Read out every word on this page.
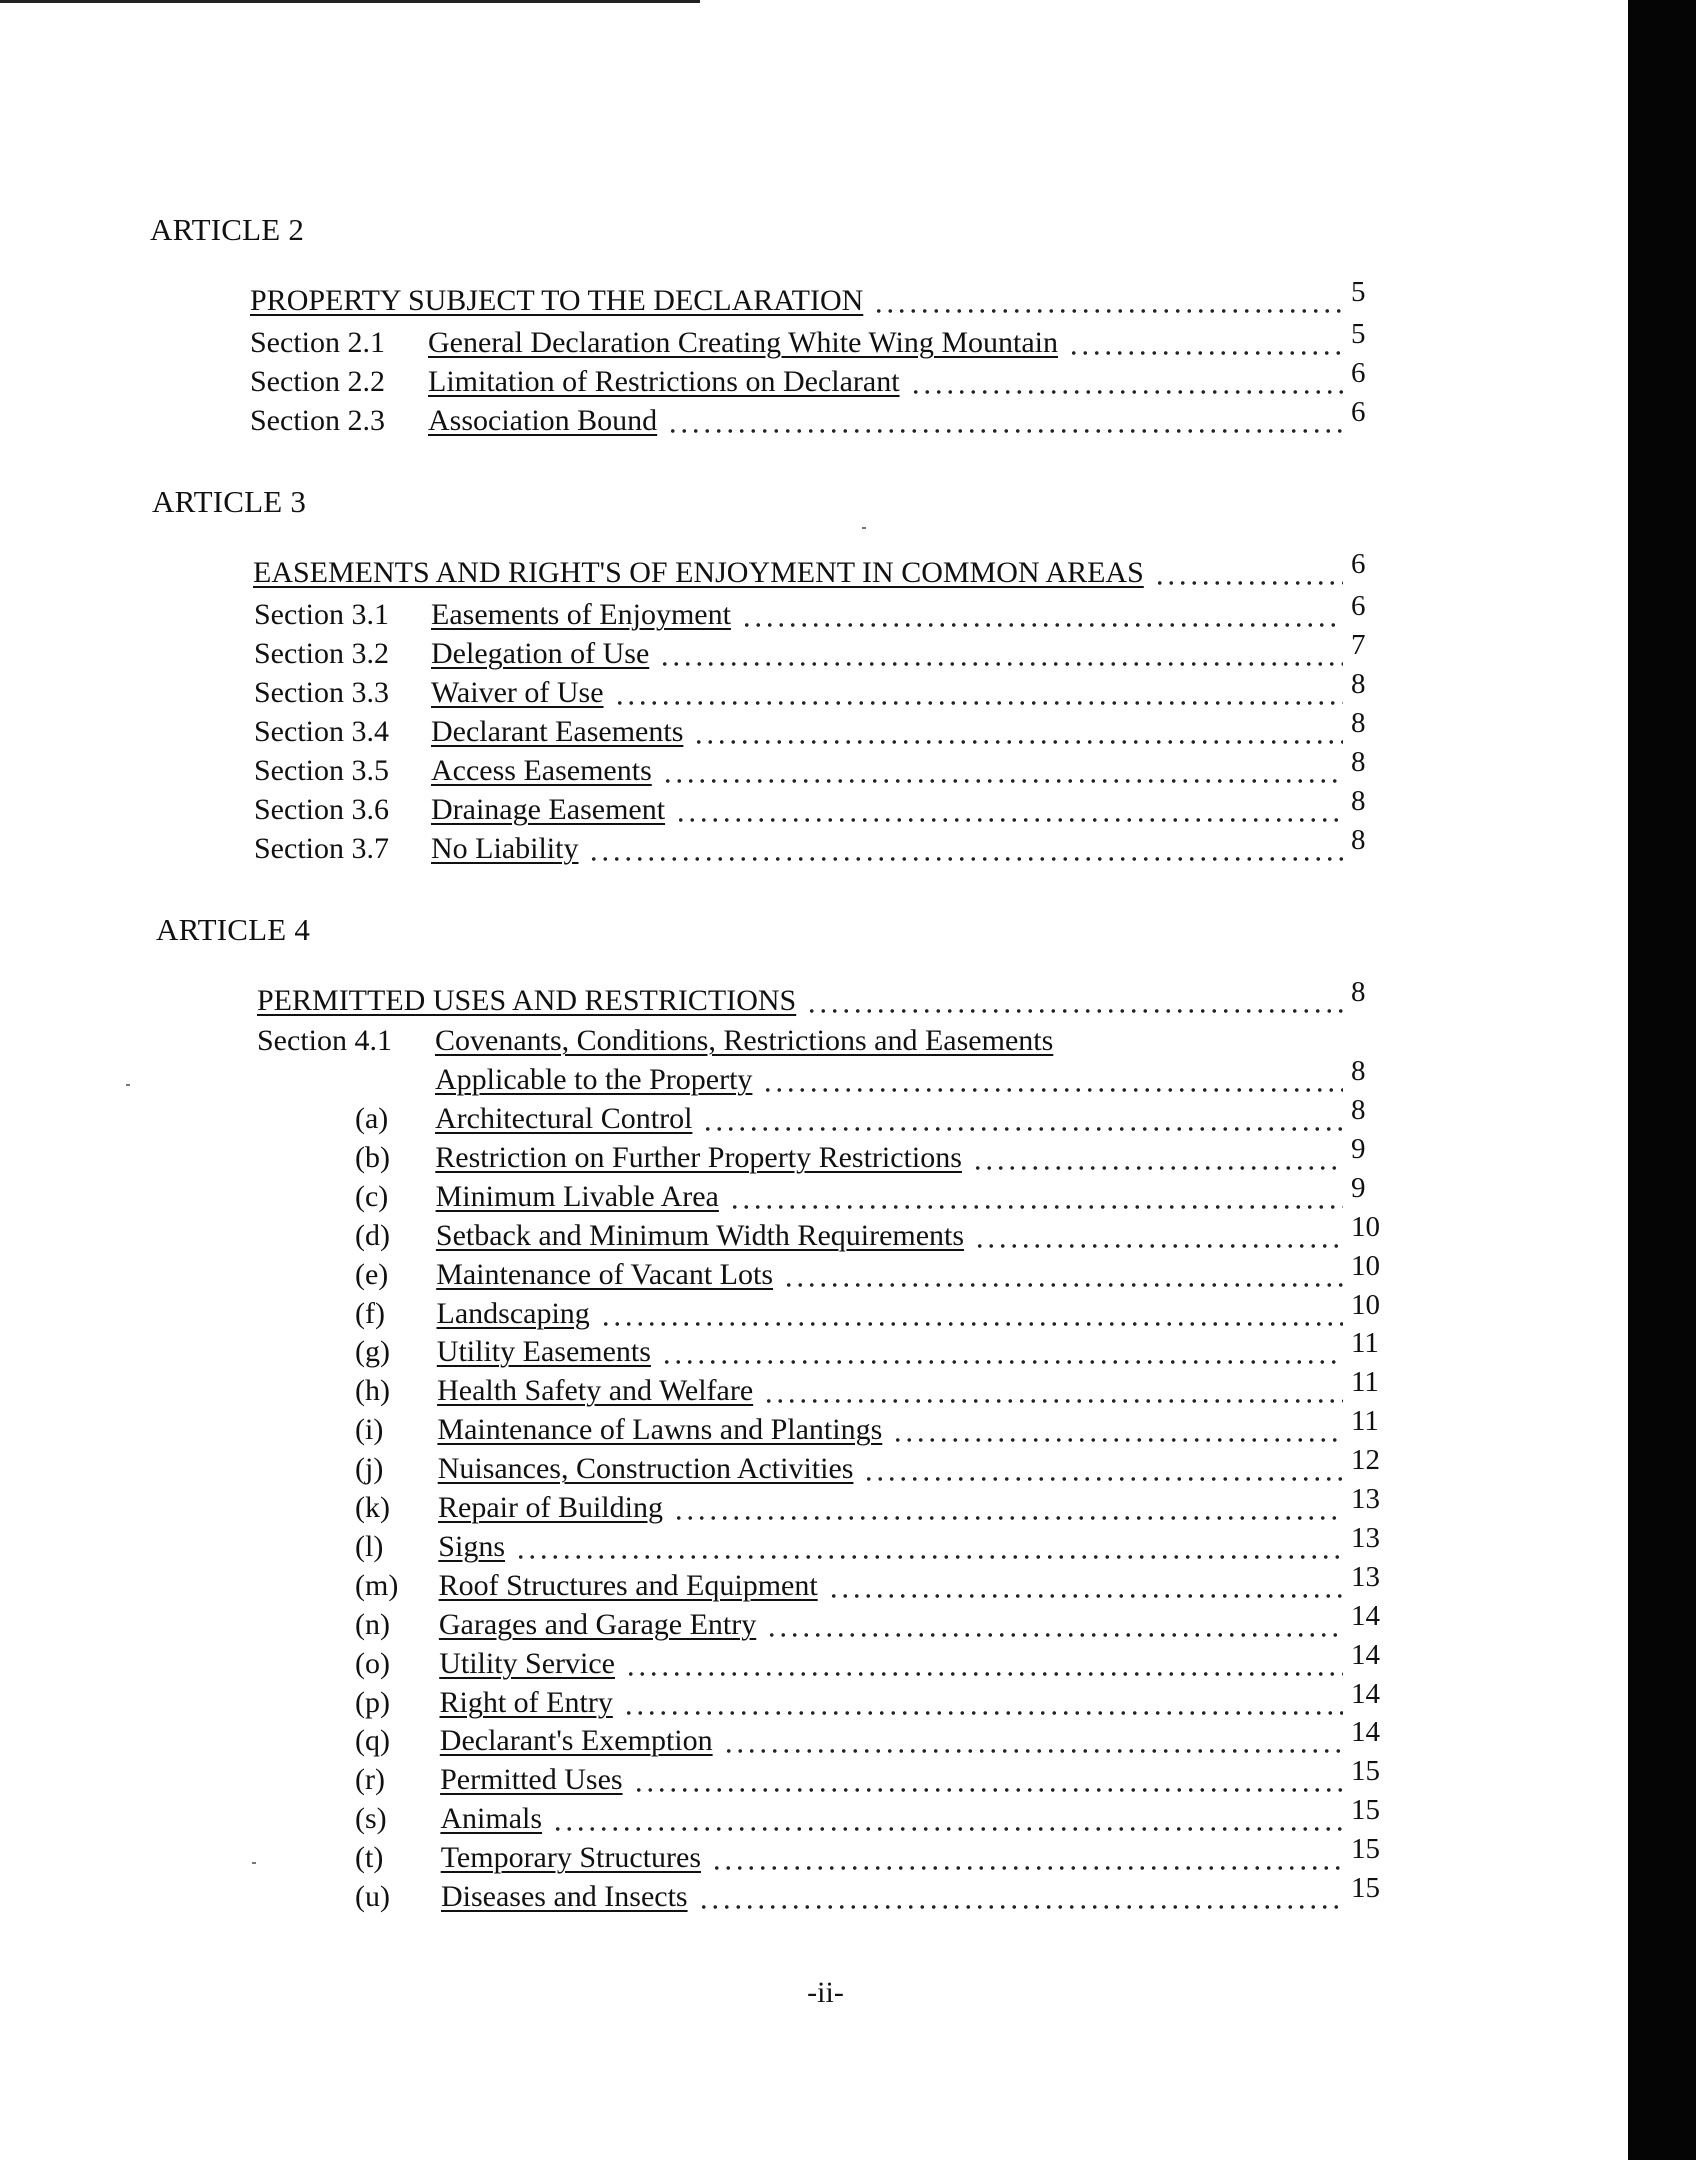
ARTICLE 2
PROPERTY SUBJECT TO THE DECLARATION	5
Section 2.1 General Declaration Creating White Wing Mountain	5
Section 2.2 Limitation of Restrictions on Declarant	6
Section 2.3 Association Bound	6
ARTICLE 3
EASEMENTS AND RIGHT'S OF ENJOYMENT IN COMMON AREAS	6
Section 3.1 Easements of Enjoyment	6
Section 3.2 Delegation of Use	7
Section 3.3 Waiver of Use	8
Section 3.4 Declarant Easements	8
Section 3.5 Access Easements	8
Section 3.6 Drainage Easement	8
Section 3.7 No Liability	8
ARTICLE 4
PERMITTED USES AND RESTRICTIONS	8
Section 4.1 Covenants, Conditions, Restrictions and Easements
Applicable to the Property	8
(a) Architectural Control	8
(b) Restriction on Further Property Restrictions	9
(c) Minimum Livable Area	9
(d) Setback and Minimum Width Requirements	10
(e) Maintenance of Vacant Lots	10
(f) Landscaping	10
(g) Utility Easements	11
(h) Health Safety and Welfare	11
(i) Maintenance of Lawns and Plantings	11
(j) Nuisances, Construction Activities	12
(k) Repair of Building	13
(l) Signs	13
(m) Roof Structures and Equipment	13
(n) Garages and Garage Entry	14
(o) Utility Service	14
(p) Right of Entry	14
(q) Declarant's Exemption	14
(r) Permitted Uses	15
(s) Animals	15
(t) Temporary Structures	15
(u) Diseases and Insects	15
-ii-
